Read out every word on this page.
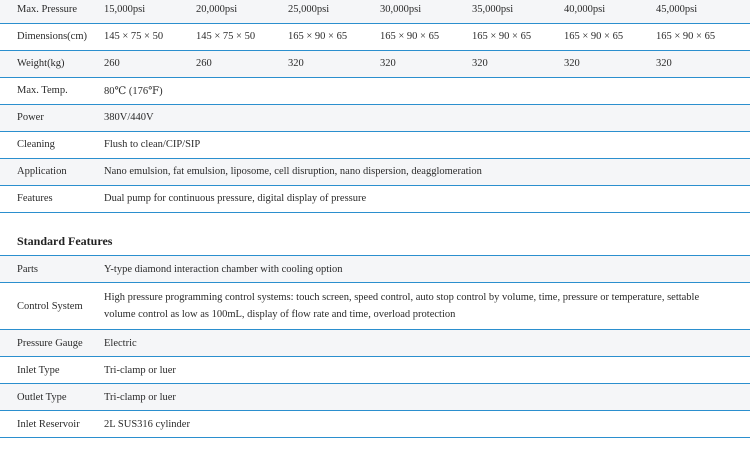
Max. Pressure	15,000psi	20,000psi	25,000psi	30,000psi	35,000psi	40,000psi	45,000psi
Dimensions(cm)	145 × 75 × 50	145 × 75 × 50	165 × 90 × 65	165 × 90 × 65	165 × 90 × 65	165 × 90 × 65	165 × 90 × 65
Weight(kg)	260	260	320	320	320	320	320
Max. Temp.	80℃ (176℉)						
Power	380V/440V						
Cleaning	Flush to clean/CIP/SIP						
Application	Nano emulsion, fat emulsion, liposome, cell disruption, nano dispersion, deagglomeration						
Features	Dual pump for continuous pressure, digital display of pressure						
Standard Features
Parts	Y-type diamond interaction chamber with cooling option
Control System	High pressure programming control systems: touch screen, speed control, auto stop control by volume, time, pressure or temperature, settable volume control as low as 100mL, display of flow rate and time, overload protection
Pressure Gauge	Electric
Inlet Type	Tri-clamp or luer
Outlet Type	Tri-clamp or luer
Inlet Reservoir	2L SUS316 cylinder
